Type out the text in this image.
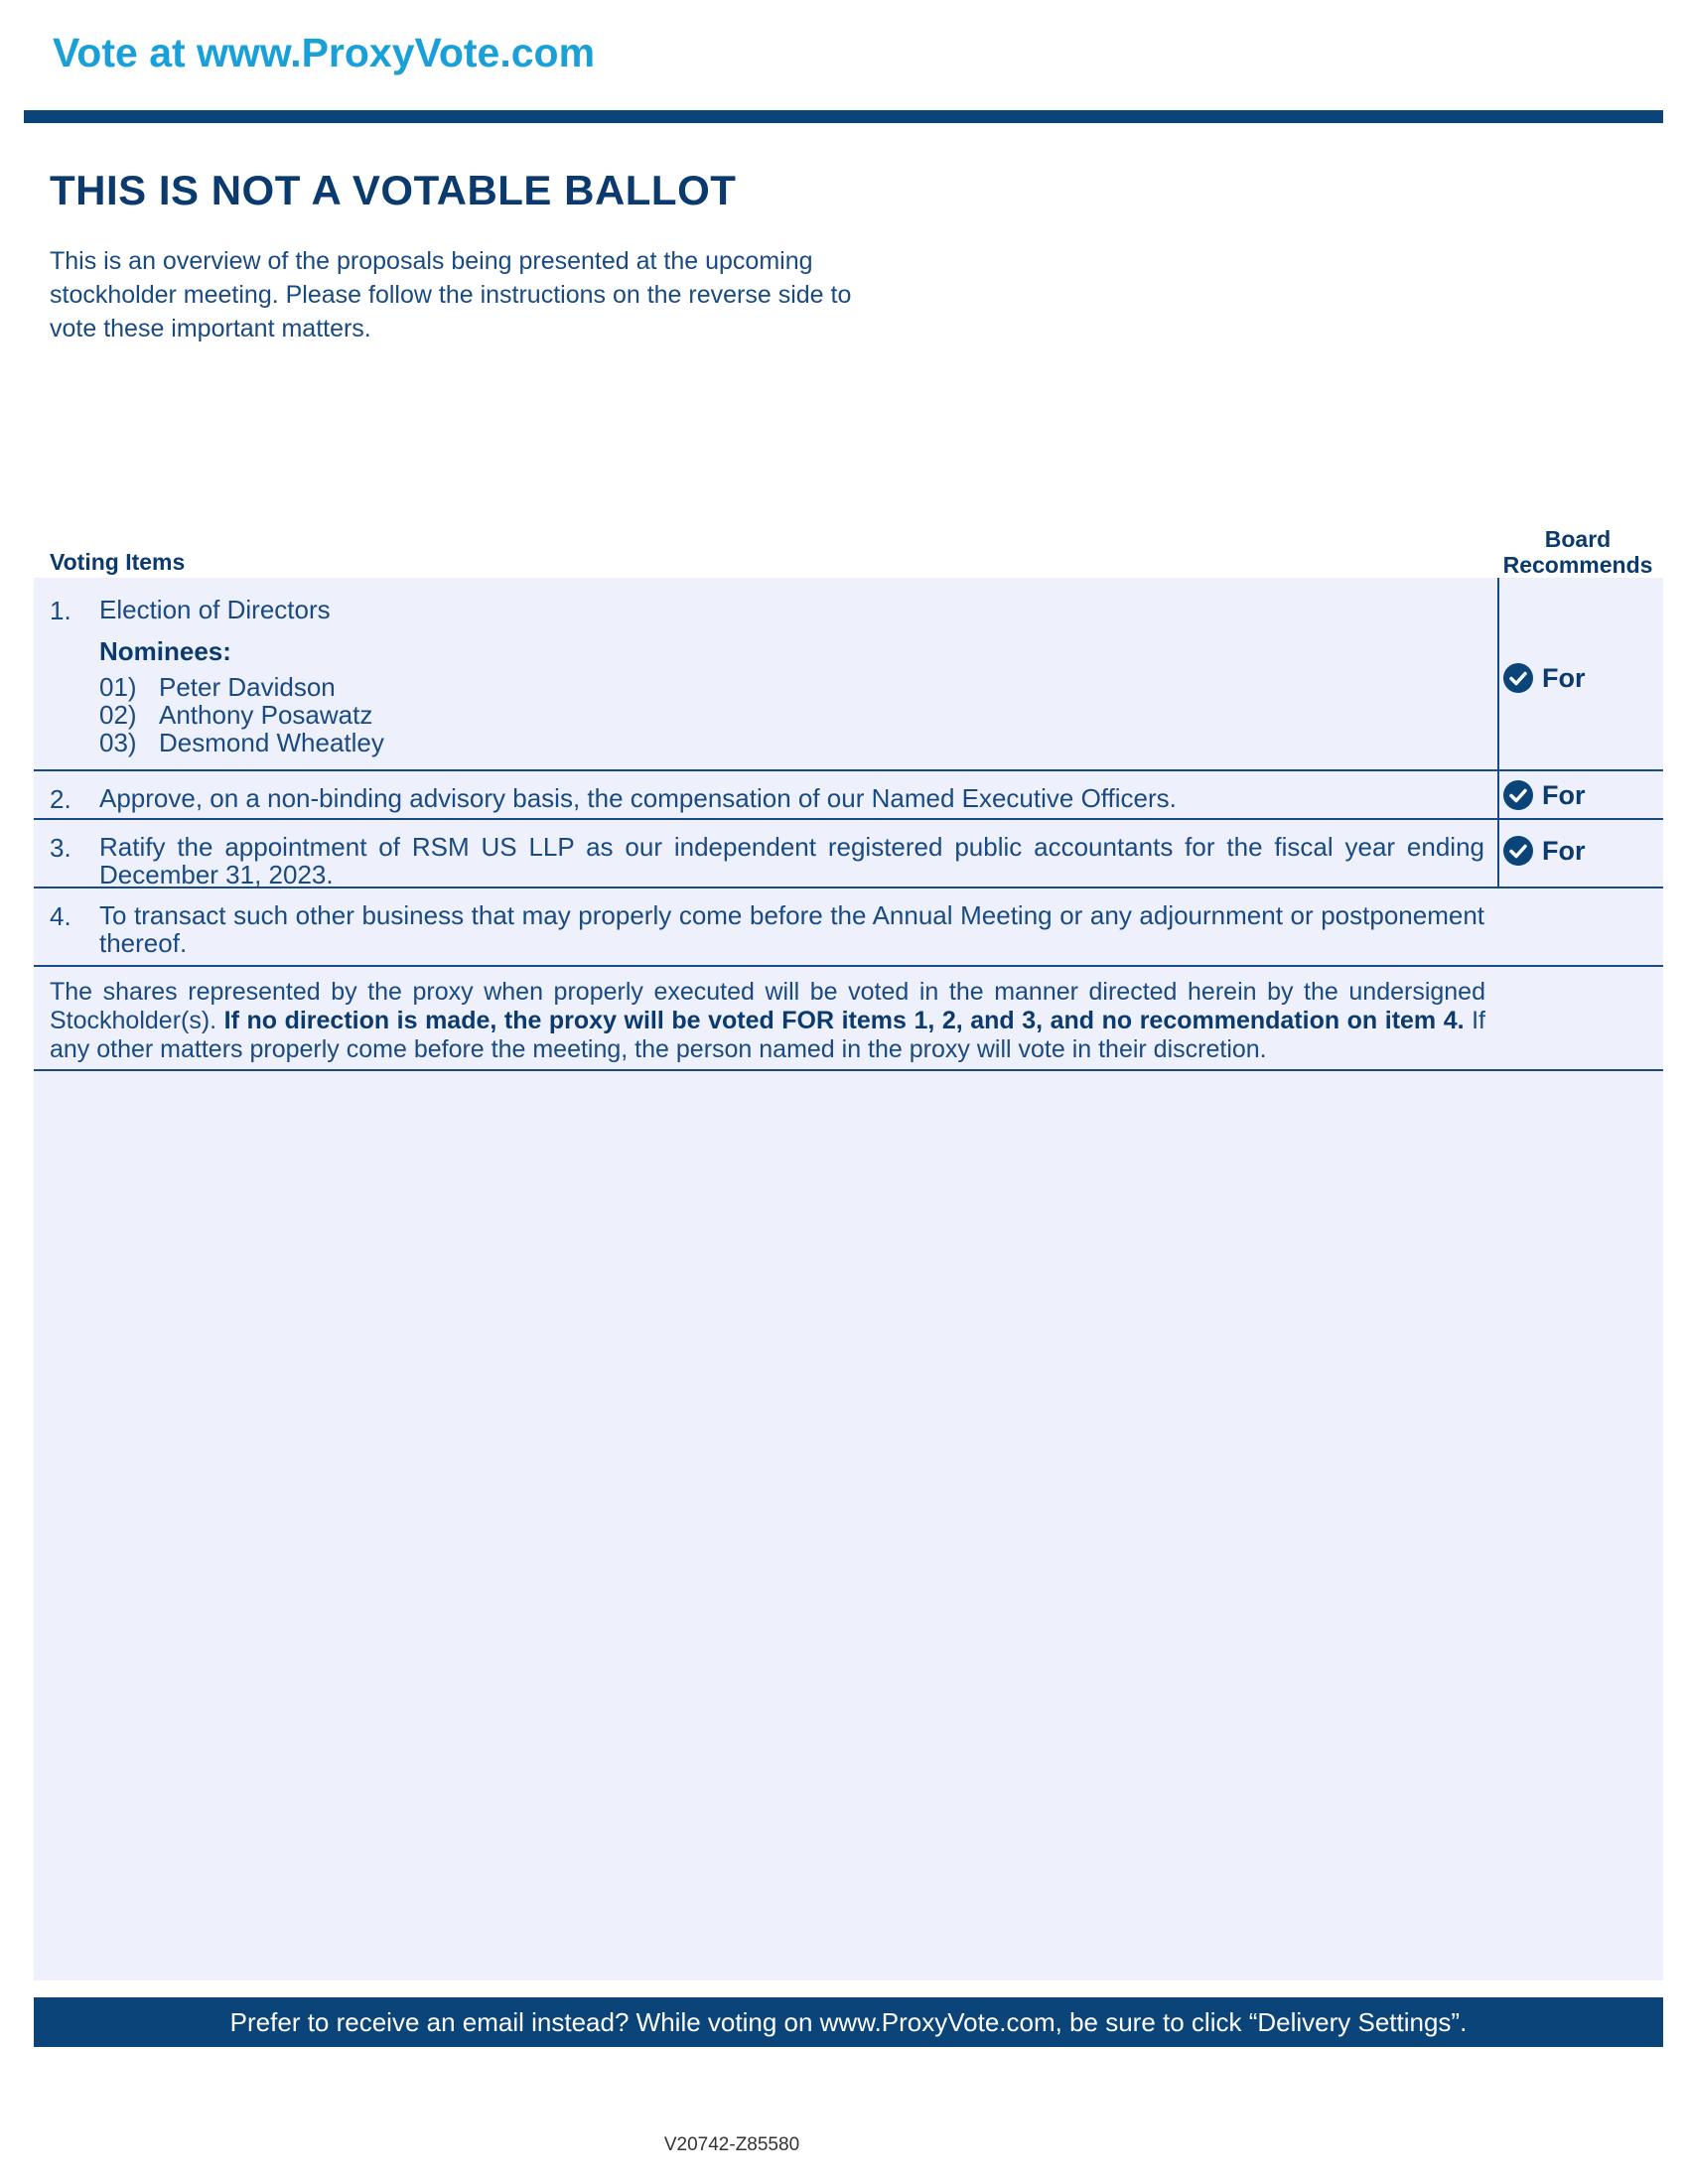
Vote at www.ProxyVote.com
THIS IS NOT A VOTABLE BALLOT
This is an overview of the proposals being presented at the upcoming stockholder meeting. Please follow the instructions on the reverse side to vote these important matters.
Voting Items
Board Recommends
1. Election of Directors
Nominees:
01) Peter Davidson
02) Anthony Posawatz
03) Desmond Wheatley
For
2. Approve, on a non-binding advisory basis, the compensation of our Named Executive Officers.	For
3. Ratify the appointment of RSM US LLP as our independent registered public accountants for the fiscal year ending December 31, 2023.
For
4. To transact such other business that may properly come before the Annual Meeting or any adjournment or postponement thereof.
The shares represented by the proxy when properly executed will be voted in the manner directed herein by the undersigned Stockholder(s). If no direction is made, the proxy will be voted FOR items 1, 2, and 3, and no recommendation on item 4. If any other matters properly come before the meeting, the person named in the proxy will vote in their discretion.
Prefer to receive an email instead? While voting on www.ProxyVote.com, be sure to click “Delivery Settings”.
V20742-Z85580
